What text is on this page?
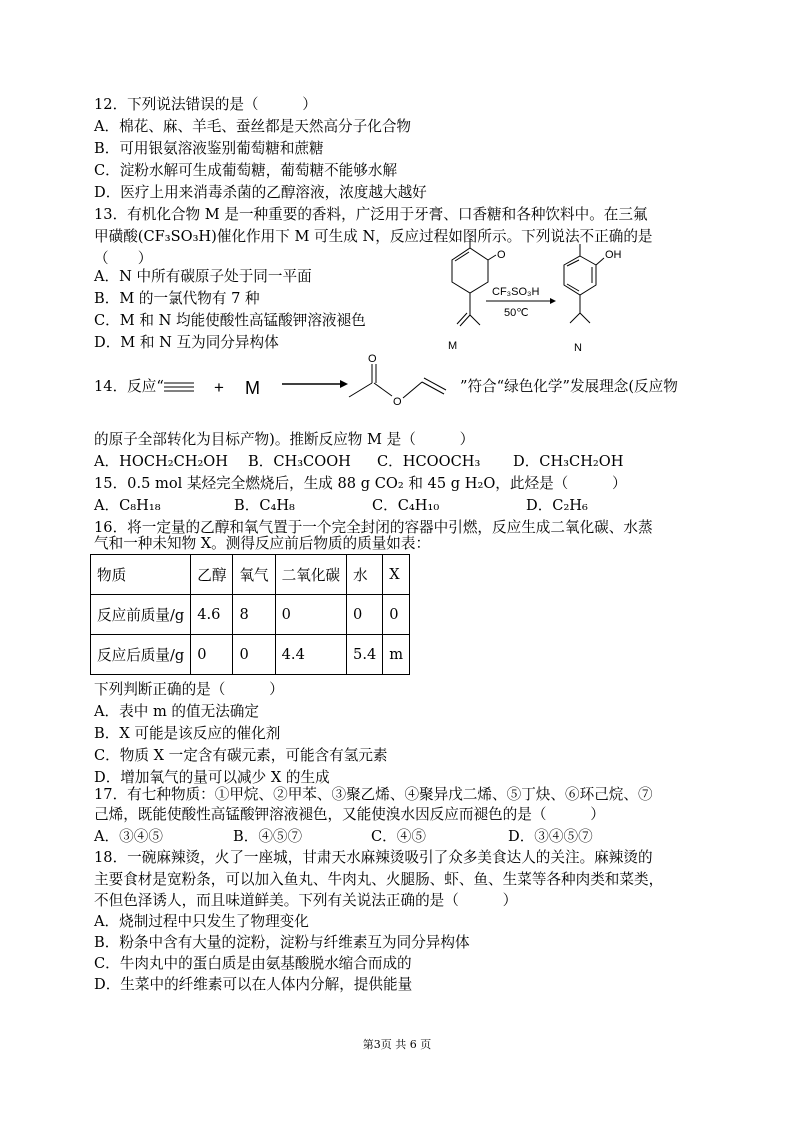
12．下列说法错误的是（　　　）
A．棉花、麻、羊毛、蚕丝都是天然高分子化合物
B．可用银氨溶液鉴别葡萄糖和蔗糖
C．淀粉水解可生成葡萄糖，葡萄糖不能够水解
D．医疗上用来消毒杀菌的乙醇溶液，浓度越大越好
13．有机化合物 M 是一种重要的香料，广泛用于牙膏、口香糖和各种饮料中。在三氟
甲磺酸(CF₃SO₃H)催化作用下 M 可生成 N，反应过程如图所示。下列说法不正确的是
（　　）
A．N 中所有碳原子处于同一平面
B．M 的一氯代物有 7 种
C．M 和 N 均能使酸性高锰酸钾溶液褪色
D．M 和 N 互为同分异构体
O
M
CF₃SO₃H
50℃
OH
N
14．反应“	+ M
O
O
”符合“绿色化学”发展理念(反应物
的原子全部转化为目标产物)。推断反应物 M 是（　　　）
A．HOCH₂CH₂OH B．CH₃COOH C．HCOOCH₃ D．CH₃CH₂OH
15．0.5 mol 某烃完全燃烧后，生成 88 g CO₂ 和 45 g H₂O，此烃是（　　　）
A．C₈H₁₈	B．C₄H₈	C．C₄H₁₀	D．C₂H₆
16．将一定量的乙醇和氧气置于一个完全封闭的容器中引燃，反应生成二氧化碳、水蒸
气和一种未知物 X。测得反应前后物质的质量如表：
物质	乙醇	氧气	二氧化碳	水	X
反应前质量/g	4.6	8	0	0	0
反应后质量/g	0	0	4.4	5.4	m
下列判断正确的是（　　　）
A．表中 m 的值无法确定
B．X 可能是该反应的催化剂
C．物质 X 一定含有碳元素，可能含有氢元素
D．增加氧气的量可以减少 X 的生成
17．有七种物质：①甲烷、②甲苯、③聚乙烯、④聚异戊二烯、⑤丁炔、⑥环己烷、⑦
己烯，既能使酸性高锰酸钾溶液褪色，又能使溴水因反应而褪色的是（　　　）
A．③④⑤	B．④⑤⑦	C．④⑤	D．③④⑤⑦
18．一碗麻辣烫，火了一座城，甘肃天水麻辣烫吸引了众多美食达人的关注。麻辣烫的
主要食材是宽粉条，可以加入鱼丸、牛肉丸、火腿肠、虾、鱼、生菜等各种肉类和菜类，
不但色泽诱人，而且味道鲜美。下列有关说法正确的是（　　　）
A．烧制过程中只发生了物理变化
B．粉条中含有大量的淀粉，淀粉与纤维素互为同分异构体
C．牛肉丸中的蛋白质是由氨基酸脱水缩合而成的
D．生菜中的纤维素可以在人体内分解，提供能量
第3页 共 6 页
